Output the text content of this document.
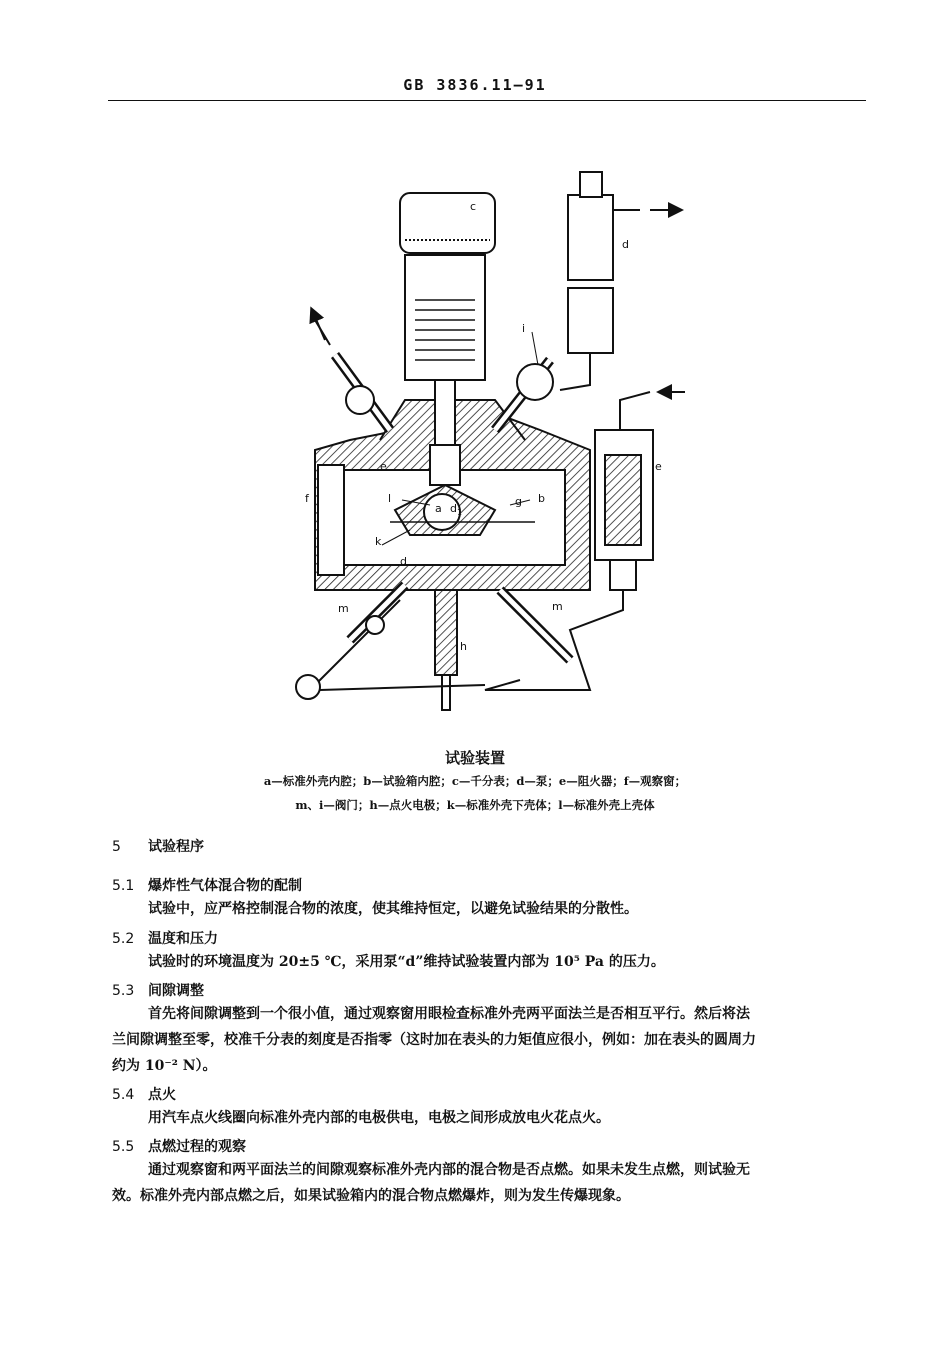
GB 3836.11—91
a $d_1$
g b
c
d
e	e
f
i
k
l
m	m
h
d
试验装置
a—标准外壳内腔；b—试验箱内腔；c—千分表；d—泵；e—阻火器；f—观察窗；
m、i—阀门；h—点火电极；k—标准外壳下壳体；l—标准外壳上壳体
5 试验程序
5.1 爆炸性气体混合物的配制
试验中，应严格控制混合物的浓度，使其维持恒定，以避免试验结果的分散性。
5.2 温度和压力
试验时的环境温度为 20±5 ℃，采用泵“d”维持试验装置内部为 10⁵ Pa 的压力。
5.3 间隙调整
首先将间隙调整到一个很小值，通过观察窗用眼检查标准外壳两平面法兰是否相互平行。然后将法
兰间隙调整至零，校准千分表的刻度是否指零（这时加在表头的力矩值应很小，例如：加在表头的圆周力
约为 10⁻² N）。
5.4 点火
用汽车点火线圈向标准外壳内部的电极供电，电极之间形成放电火花点火。
5.5 点燃过程的观察
通过观察窗和两平面法兰的间隙观察标准外壳内部的混合物是否点燃。如果未发生点燃，则试验无
效。标准外壳内部点燃之后，如果试验箱内的混合物点燃爆炸，则为发生传爆现象。
